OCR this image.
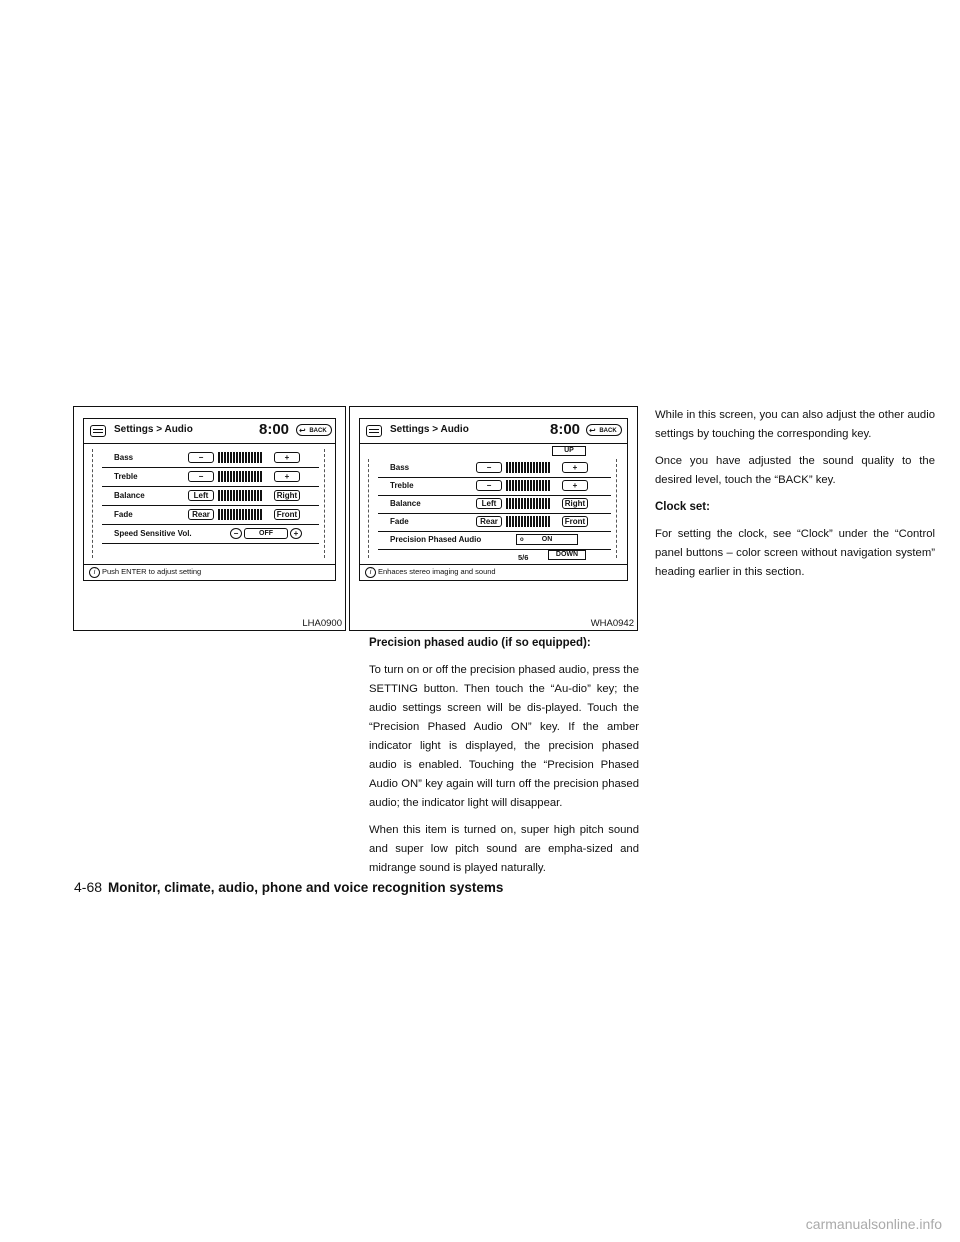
Settings > Audio	8:00	↩ BACK
Bass	−	+
Treble	−	+
Balance	Left	Right
Fade	Rear	Front
Speed Sensitive Vol.	−	OFF	+
i Push ENTER to adjust setting
LHA0900
Settings > Audio	8:00	↩ BACK
UP
Bass	−	+
Treble	−	+
Balance	Left	Right
Fade	Rear	Front
Precision Phased Audio	o	ON
5/6	DOWN
i Enhaces stereo imaging and sound
WHA0942
Precision phased audio (if so equipped):

To turn on or off the precision phased audio, press the SETTING button. Then touch the “Au-dio” key; the audio settings screen will be dis-played. Touch the “Precision Phased Audio ON” key. If the amber indicator light is displayed, the precision phased audio is enabled. Touching the “Precision Phased Audio ON” key again will turn off the precision phased audio; the indicator light will disappear.

When this item is turned on, super high pitch sound and super low pitch sound are empha-sized and midrange sound is played naturally.

While in this screen, you can also adjust the other audio settings by touching the corresponding key.

Once you have adjusted the sound quality to the desired level, touch the “BACK” key.

Clock set:

For setting the clock, see “Clock” under the “Control panel buttons – color screen without navigation system” heading earlier in this section.

4-68 Monitor, climate, audio, phone and voice recognition systems
carmanualsonline.info
